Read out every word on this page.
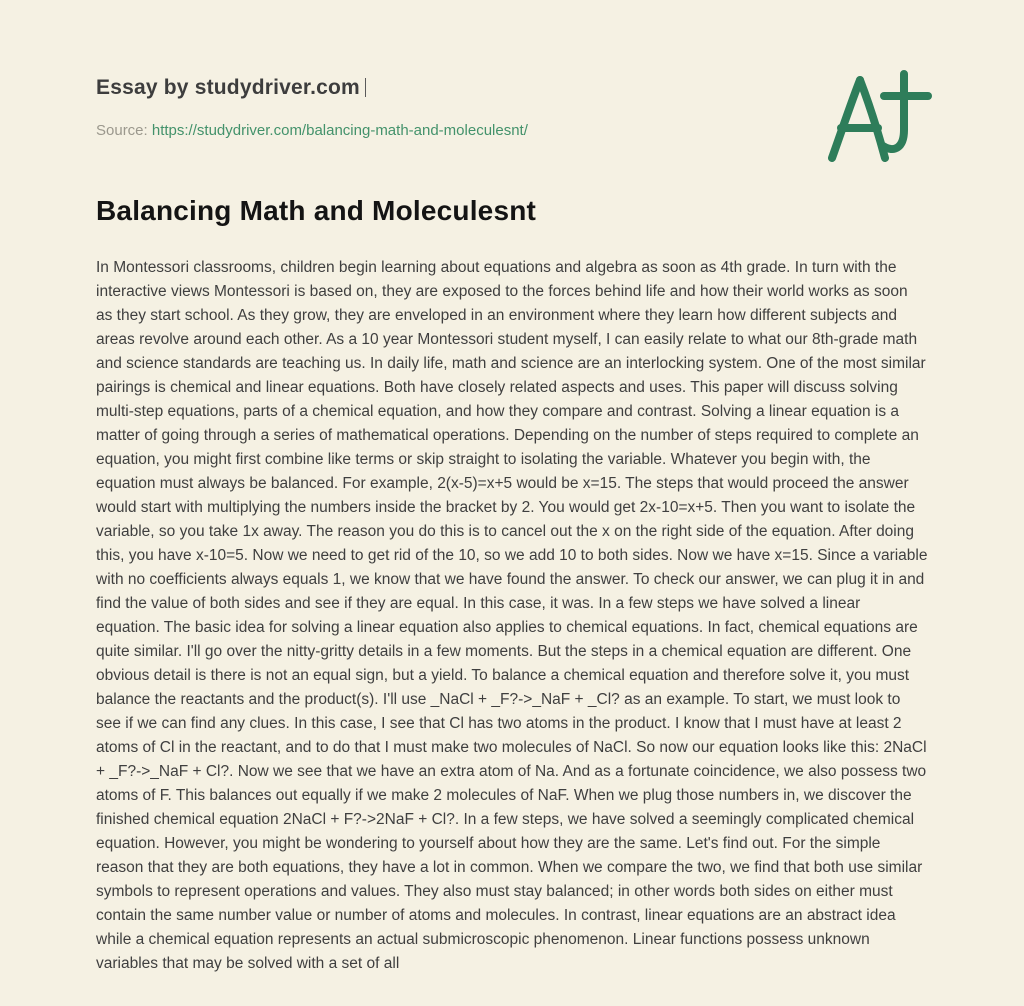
Essay by studydriver.com
Source: https://studydriver.com/balancing-math-and-moleculesnt/
Balancing Math and Moleculesnt

In Montessori classrooms, children begin learning about equations and algebra as soon as 4th grade. In turn with the interactive views Montessori is based on, they are exposed to the forces behind life and how their world works as soon as they start school. As they grow, they are enveloped in an environment where they learn how different subjects and areas revolve around each other. As a 10 year Montessori student myself, I can easily relate to what our 8th-grade math and science standards are teaching us. In daily life, math and science are an interlocking system. One of the most similar pairings is chemical and linear equations. Both have closely related aspects and uses. This paper will discuss solving multi-step equations, parts of a chemical equation, and how they compare and contrast. Solving a linear equation is a matter of going through a series of mathematical operations. Depending on the number of steps required to complete an equation, you might first combine like terms or skip straight to isolating the variable. Whatever you begin with, the equation must always be balanced. For example, 2(x-5)=x+5 would be x=15. The steps that would proceed the answer would start with multiplying the numbers inside the bracket by 2. You would get 2x-10=x+5. Then you want to isolate the variable, so you take 1x away. The reason you do this is to cancel out the x on the right side of the equation. After doing this, you have x-10=5. Now we need to get rid of the 10, so we add 10 to both sides. Now we have x=15. Since a variable with no coefficients always equals 1, we know that we have found the answer. To check our answer, we can plug it in and find the value of both sides and see if they are equal. In this case, it was. In a few steps we have solved a linear equation. The basic idea for solving a linear equation also applies to chemical equations. In fact, chemical equations are quite similar. I'll go over the nitty-gritty details in a few moments. But the steps in a chemical equation are different. One obvious detail is there is not an equal sign, but a yield. To balance a chemical equation and therefore solve it, you must balance the reactants and the product(s). I'll use _NaCl + _F?->_NaF + _Cl? as an example. To start, we must look to see if we can find any clues. In this case, I see that Cl has two atoms in the product. I know that I must have at least 2 atoms of Cl in the reactant, and to do that I must make two molecules of NaCl. So now our equation looks like this: 2NaCl + _F?->_NaF + Cl?. Now we see that we have an extra atom of Na. And as a fortunate coincidence, we also possess two atoms of F. This balances out equally if we make 2 molecules of NaF. When we plug those numbers in, we discover the finished chemical equation 2NaCl + F?->2NaF + Cl?. In a few steps, we have solved a seemingly complicated chemical equation. However, you might be wondering to yourself about how they are the same. Let's find out. For the simple reason that they are both equations, they have a lot in common. When we compare the two, we find that both use similar symbols to represent operations and values. They also must stay balanced; in other words both sides on either must contain the same number value or number of atoms and molecules. In contrast, linear equations are an abstract idea while a chemical equation represents an actual submicroscopic phenomenon. Linear functions possess unknown variables that may be solved with a set of all
